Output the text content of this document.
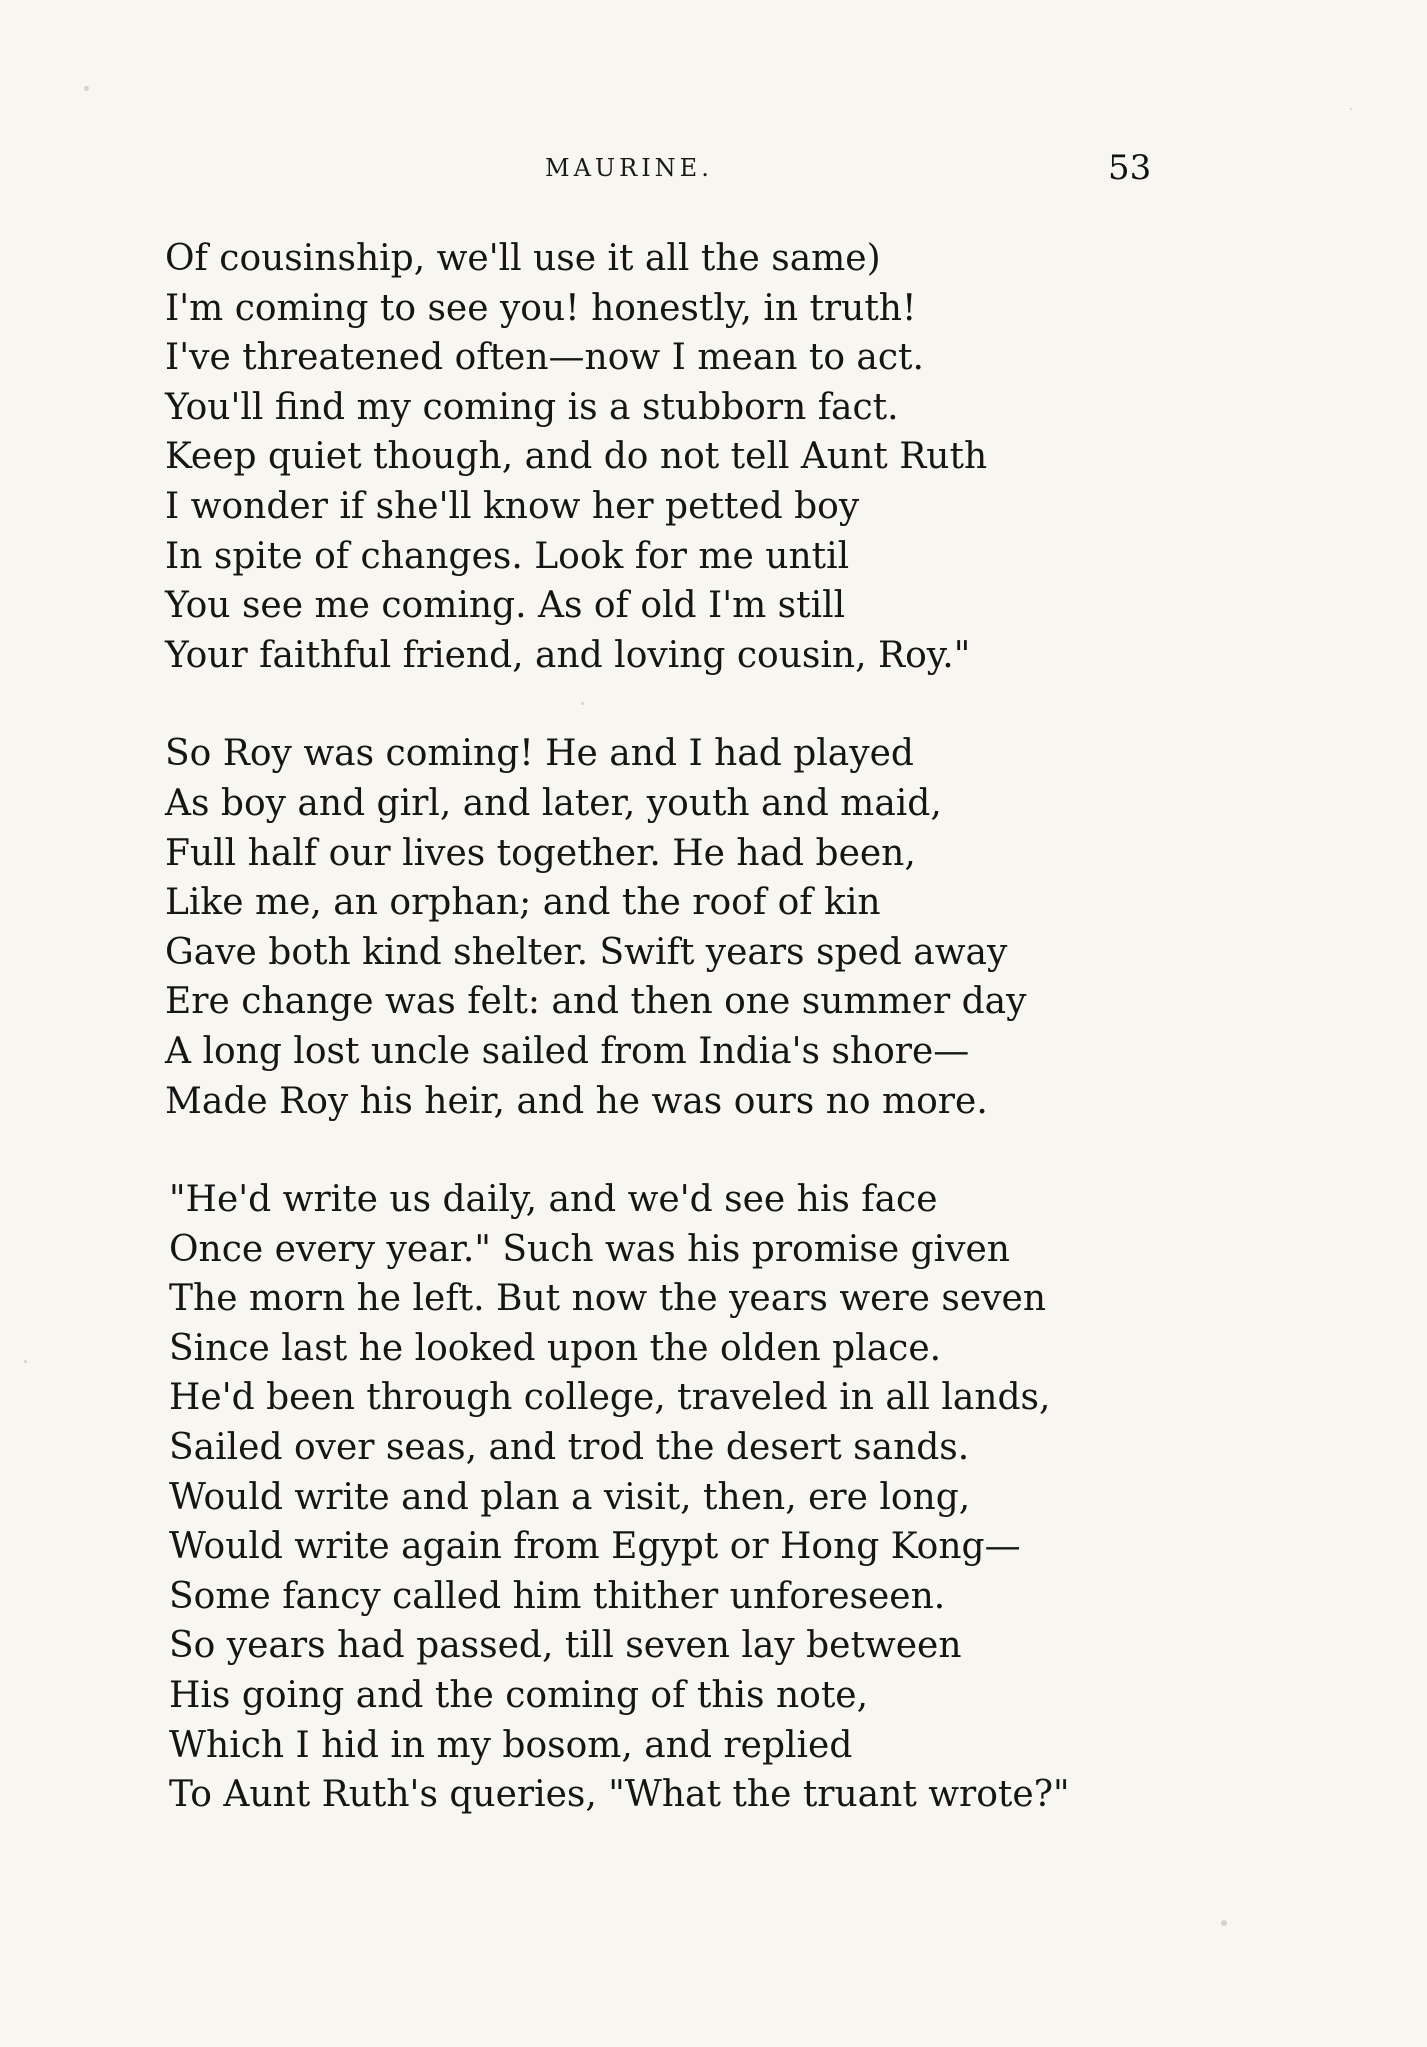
MAURINE.	53
Of cousinship, we'll use it all the same)
I'm coming to see you! honestly, in truth!
I've threatened often—now I mean to act.
You'll find my coming is a stubborn fact.
Keep quiet though, and do not tell Aunt Ruth
I wonder if she'll know her petted boy
In spite of changes. Look for me until
You see me coming. As of old I'm still
Your faithful friend, and loving cousin, Roy."
So Roy was coming! He and I had played
As boy and girl, and later, youth and maid,
Full half our lives together. He had been,
Like me, an orphan; and the roof of kin
Gave both kind shelter. Swift years sped away
Ere change was felt: and then one summer day
A long lost uncle sailed from India's shore—
Made Roy his heir, and he was ours no more.
"He'd write us daily, and we'd see his face
Once every year." Such was his promise given
The morn he left. But now the years were seven
Since last he looked upon the olden place.
He'd been through college, traveled in all lands,
Sailed over seas, and trod the desert sands.
Would write and plan a visit, then, ere long,
Would write again from Egypt or Hong Kong—
Some fancy called him thither unforeseen.
So years had passed, till seven lay between
His going and the coming of this note,
Which I hid in my bosom, and replied
To Aunt Ruth's queries, "What the truant wrote?"
